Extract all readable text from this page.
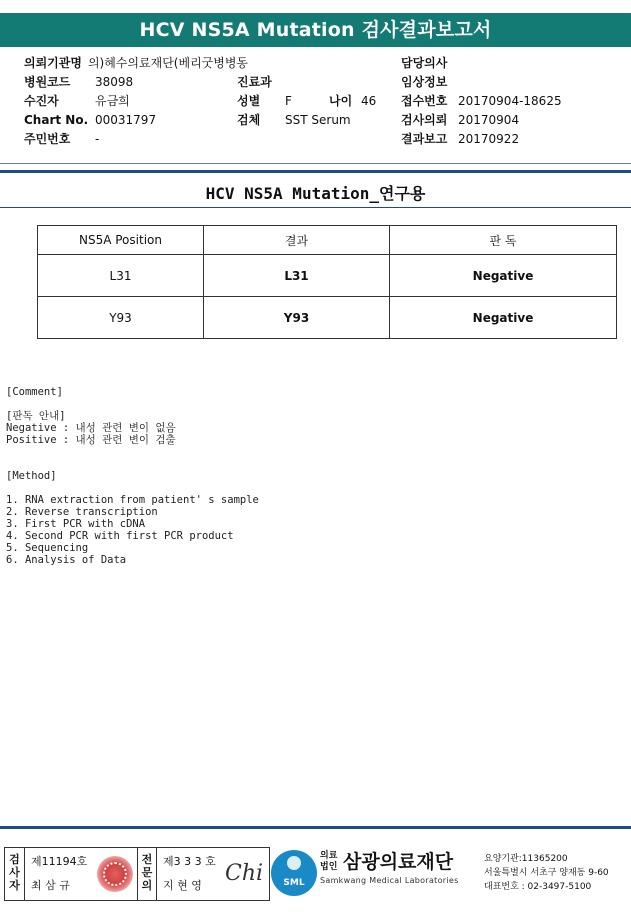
HCV NS5A Mutation 검사결과보고서
의뢰기관명 의)혜수의료재단(베리굿병병동
병원코드 38098
수진자	유금희
Chart No. 00031797
주민번호 -
진료과
성별 F	나이 46
검체 SST Serum
담당의사
임상정보
접수번호 20170904-18625
검사의뢰 20170904
결과보고 20170922
HCV NS5A Mutation_연구용
NS5A Position	결과	판 독
L31	L31	Negative
Y93	Y93	Negative
[Comment]
[판독 안내]
Negative : 내성 관련 변이 없음
Positive : 내성 관련 변이 검출
[Method]
1. RNA extraction from patient' s sample
2. Reverse transcription
3. First PCR with cDNA
4. Second PCR with first PCR product
5. Sequencing
6. Analysis of Data
검사자
제11194호
최 삼 규
전문의
제3 3 3 호
지 현 영 Chi	SML
의료
법인 삼광의료재단
Samkwang Medical Laboratories
요양기관:11365200
서울특별시 서초구 양재동 9-60
대표번호 : 02-3497-5100
